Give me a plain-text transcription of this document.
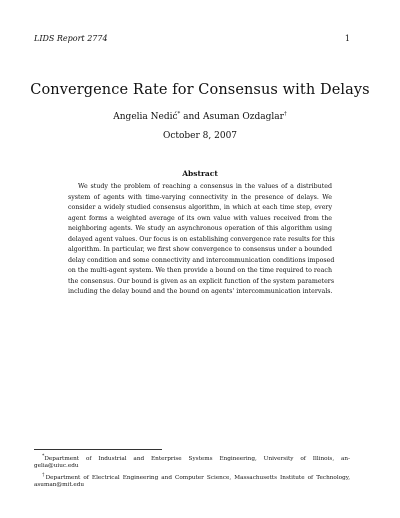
LIDS Report 2774	1
Convergence Rate for Consensus with Delays
Angelia Nedić* and Asuman Ozdaglar†
October 8, 2007
Abstract
We study the problem of reaching a consensus in the values of a distributed
system of agents with time-varying connectivity in the presence of delays. We
consider a widely studied consensus algorithm, in which at each time step, every
agent forms a weighted average of its own value with values received from the
neighboring agents. We study an asynchronous operation of this algorithm using
delayed agent values. Our focus is on establishing convergence rate results for this
algorithm. In particular, we first show convergence to consensus under a bounded
delay condition and some connectivity and intercommunication conditions imposed
on the multi-agent system. We then provide a bound on the time required to reach
the consensus. Our bound is given as an explicit function of the system parameters
including the delay bound and the bound on agents' intercommunication intervals.
*Department of Industrial and Enterprise Systems Engineering, University of Illinois, an-
gelia@uiuc.edu
†Department of Electrical Engineering and Computer Science, Massachusetts Institute of Technology,
asuman@mit.edu
